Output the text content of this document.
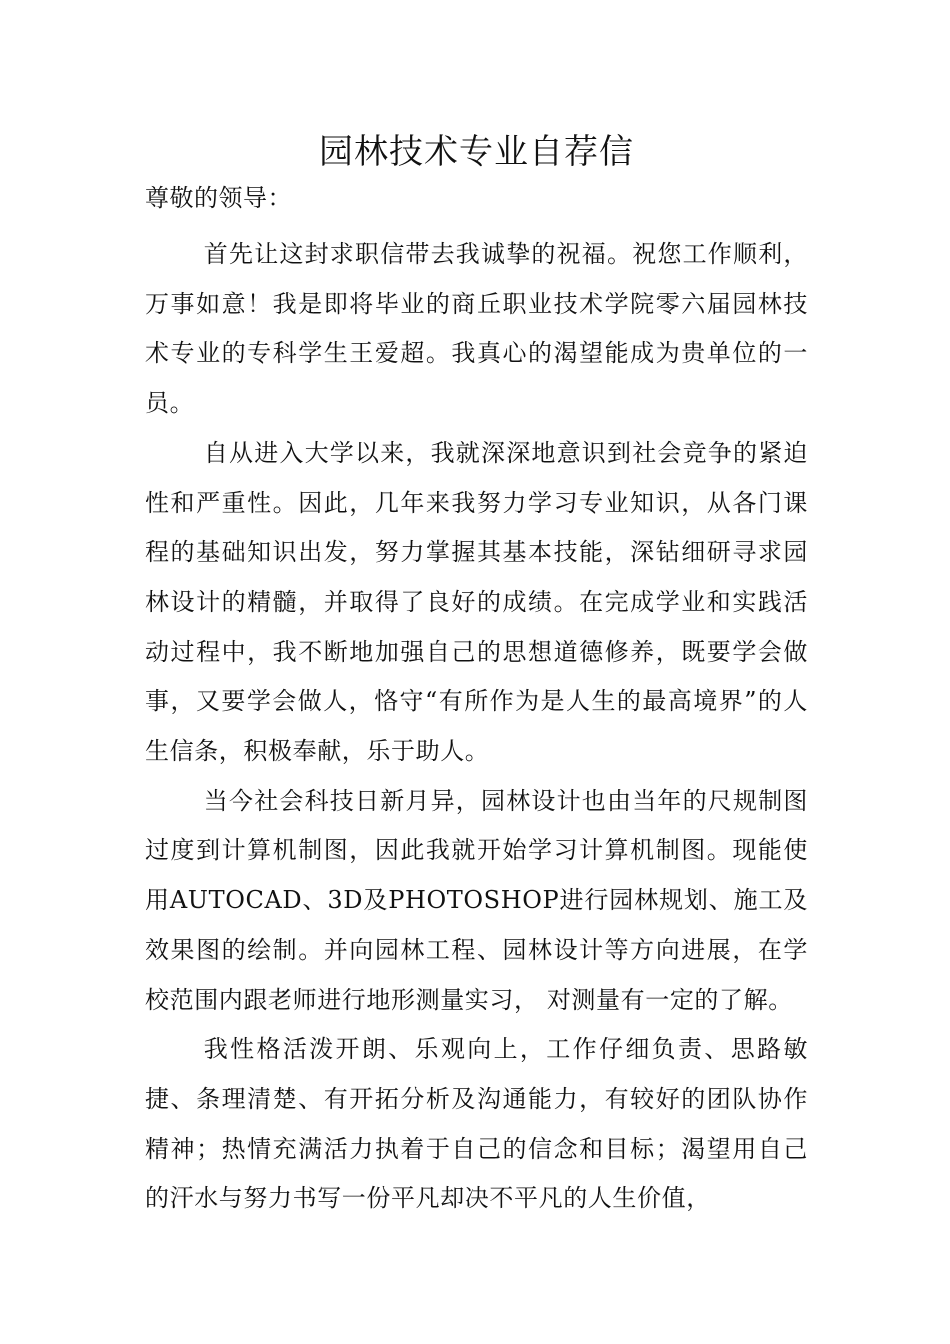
园林技术专业自荐信

尊敬的领导：

首先让这封求职信带去我诚挚的祝福。祝您工作顺利，万事如意！我是即将毕业的商丘职业技术学院零六届园林技术专业的专科学生王爱超。我真心的渴望能成为贵单位的一员。

自从进入大学以来，我就深深地意识到社会竞争的紧迫性和严重性。因此，几年来我努力学习专业知识，从各门课程的基础知识出发，努力掌握其基本技能，深钻细研寻求园林设计的精髓，并取得了良好的成绩。在完成学业和实践活动过程中，我不断地加强自己的思想道德修养，既要学会做事，又要学会做人，恪守“有所作为是人生的最高境界”的人生信条，积极奉献，乐于助人。

当今社会科技日新月异，园林设计也由当年的尺规制图过度到计算机制图，因此我就开始学习计算机制图。现能使用AUTOCAD、3D及PHOTOSHOP进行园林规划、施工及效果图的绘制。并向园林工程、园林设计等方向进展，在学校范围内跟老师进行地形测量实习， 对测量有一定的了解。

我性格活泼开朗、乐观向上，工作仔细负责、思路敏捷、条理清楚、有开拓分析及沟通能力，有较好的团队协作精神；热情充满活力执着于自己的信念和目标；渴望用自己的汗水与努力书写一份平凡却决不平凡的人生价值，
